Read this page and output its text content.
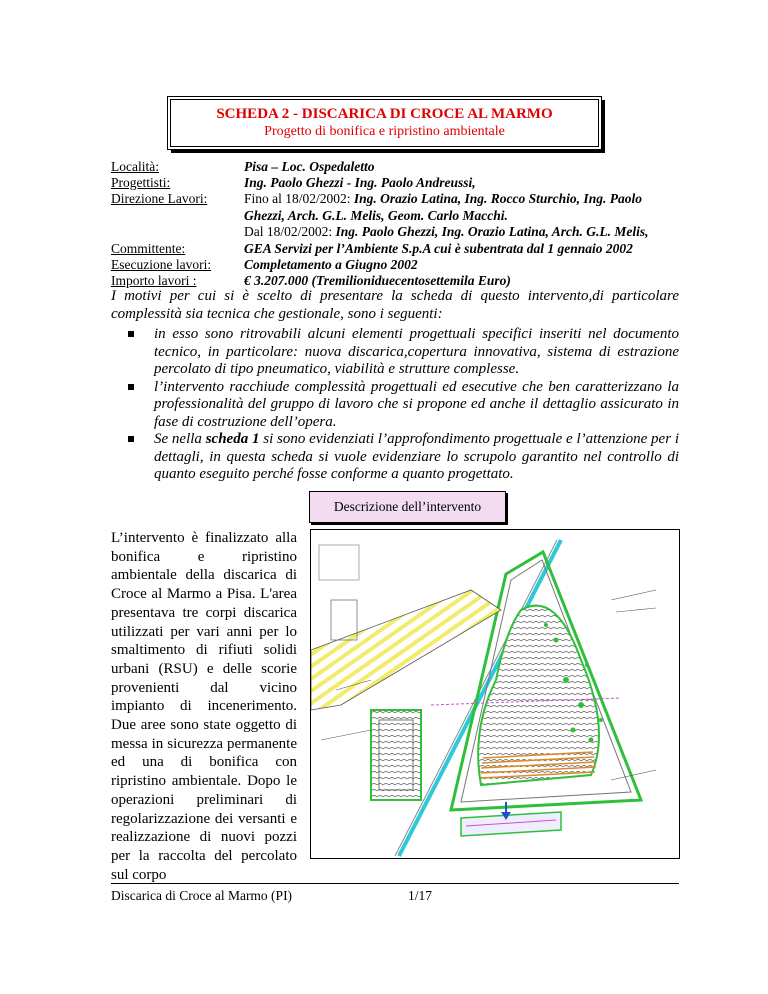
SCHEDA 2 - DISCARICA DI CROCE AL MARMO
Progetto di bonifica e ripristino ambientale
Località:	Pisa – Loc. Ospedaletto
Progettisti:	Ing. Paolo Ghezzi - Ing. Paolo Andreussi,
Direzione Lavori:	Fino al 18/02/2002: Ing. Orazio Latina, Ing. Rocco Sturchio, Ing. Paolo
Ghezzi, Arch. G.L. Melis, Geom. Carlo Macchi.
Dal 18/02/2002: Ing. Paolo Ghezzi, Ing. Orazio Latina, Arch. G.L. Melis,
Committente:	GEA Servizi per l’Ambiente S.p.A cui è subentrata dal 1 gennaio 2002
Esecuzione lavori: Completamento a Giugno 2002
Importo lavori :	€ 3.207.000 (Tremilioniduecentosettemila Euro)
I motivi per cui si è scelto di presentare la scheda di questo intervento,di particolare complessità sia tecnica che gestionale, sono i seguenti:
in esso sono ritrovabili alcuni elementi progettuali specifici inseriti nel documento tecnico, in particolare: nuova discarica,copertura innovativa, sistema di estrazione percolato di tipo pneumatico, viabilità e strutture complesse.
l’intervento racchiude complessità progettuali ed esecutive che ben caratterizzano la professionalità del gruppo di lavoro che si propone ed anche il dettaglio assicurato in fase di costruzione dell’opera.
Se nella scheda 1 si sono evidenziati l’approfondimento progettuale e l’attenzione per i dettagli, in questa scheda si vuole evidenziare lo scrupolo garantito nel controllo di quanto eseguito perché fosse conforme a quanto progettato.
Descrizione dell’intervento
L’intervento è finalizzato alla bonifica e ripristino ambientale della discarica di Croce al Marmo a Pisa. L'area presentava tre corpi discarica utilizzati per vari anni per lo smaltimento di rifiuti solidi urbani (RSU) e delle scorie provenienti dal vicino impianto di incenerimento. Due aree sono state oggetto di messa in sicurezza permanente ed una di bonifica con ripristino ambientale. Dopo le operazioni preliminari di regolarizzazione dei versanti e realizzazione di nuovi pozzi per la raccolta del percolato sul corpo
Discarica di Croce al Marmo (PI)	1/17
